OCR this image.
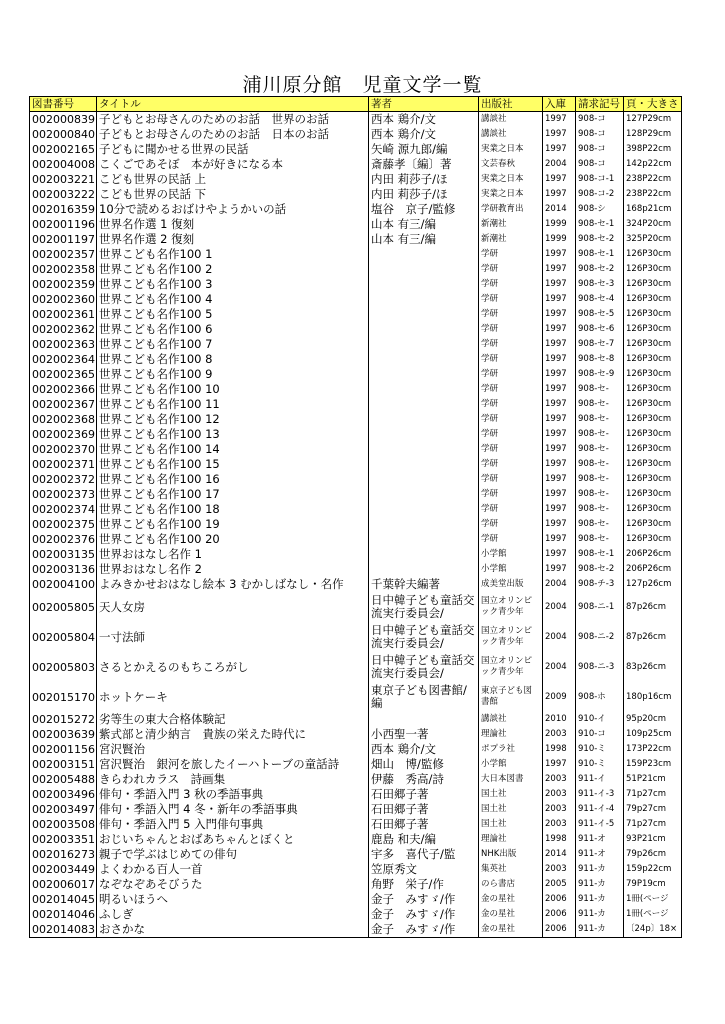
浦川原分館　児童文学一覧
図書番号	タイトル	著者	出版社	入庫	請求記号	頁・大きさ
002000839	子どもとお母さんのためのお話　世界のお話	西本 鶏介/文	講談社	1997	908-コ	127P29cm
002000840	子どもとお母さんのためのお話　日本のお話	西本 鶏介/文	講談社	1997	908-コ	128P29cm
002002165	子どもに聞かせる世界の民話	矢崎 源九郎/編	実業之日本	1997	908-コ	398P22cm
002004008	こくごであそぼ　本が好きになる本	斎藤孝〔編〕著	文芸春秋	2004	908-コ	142p22cm
002003221	こども世界の民話 上	内田 莉莎子/ほ	実業之日本	1997	908-コ-1	238P22cm
002003222	こども世界の民話 下	内田 莉莎子/ほ	実業之日本	1997	908-コ-2	238P22cm
002016359	10分で読めるおばけやようかいの話	塩谷　京子/監修	学研教育出	2014	908-シ	168p21cm
002001196	世界名作選 1 復刻	山本 有三/編	新潮社	1999	908-セ-1	324P20cm
002001197	世界名作選 2 復刻	山本 有三/編	新潮社	1999	908-セ-2	325P20cm
002002357	世界こども名作100 1		学研	1997	908-セ-1	126P30cm
002002358	世界こども名作100 2		学研	1997	908-セ-2	126P30cm
002002359	世界こども名作100 3		学研	1997	908-セ-3	126P30cm
002002360	世界こども名作100 4		学研	1997	908-セ-4	126P30cm
002002361	世界こども名作100 5		学研	1997	908-セ-5	126P30cm
002002362	世界こども名作100 6		学研	1997	908-セ-6	126P30cm
002002363	世界こども名作100 7		学研	1997	908-セ-7	126P30cm
002002364	世界こども名作100 8		学研	1997	908-セ-8	126P30cm
002002365	世界こども名作100 9		学研	1997	908-セ-9	126P30cm
002002366	世界こども名作100 10		学研	1997	908-セ-	126P30cm
002002367	世界こども名作100 11		学研	1997	908-セ-	126P30cm
002002368	世界こども名作100 12		学研	1997	908-セ-	126P30cm
002002369	世界こども名作100 13		学研	1997	908-セ-	126P30cm
002002370	世界こども名作100 14		学研	1997	908-セ-	126P30cm
002002371	世界こども名作100 15		学研	1997	908-セ-	126P30cm
002002372	世界こども名作100 16		学研	1997	908-セ-	126P30cm
002002373	世界こども名作100 17		学研	1997	908-セ-	126P30cm
002002374	世界こども名作100 18		学研	1997	908-セ-	126P30cm
002002375	世界こども名作100 19		学研	1997	908-セ-	126P30cm
002002376	世界こども名作100 20		学研	1997	908-セ-	126P30cm
002003135	世界おはなし名作 1		小学館	1997	908-セ-1	206P26cm
002003136	世界おはなし名作 2		小学館	1997	908-セ-2	206P26cm
002004100	よみきかせおはなし絵本 3 むかしばなし・名作	千葉幹夫編著	成美堂出版	2004	908-チ-3	127p26cm
002005805	天人女房	日中韓子ども童話交流実行委員会/	国立オリンピック青少年	2004	908-ニ-1	87p26cm
002005804	一寸法師	日中韓子ども童話交流実行委員会/	国立オリンピック青少年	2004	908-ニ-2	87p26cm
002005803	さるとかえるのもちころがし	日中韓子ども童話交流実行委員会/	国立オリンピック青少年	2004	908-ニ-3	83p26cm
002015170	ホットケーキ	東京子ども図書館/編	東京子ども図書館	2009	908-ホ	180p16cm
002015272	劣等生の東大合格体験記		講談社	2010	910-イ	95p20cm
002003639	紫式部と清少納言　貴族の栄えた時代に	小西聖一著	理論社	2003	910-コ	109p25cm
002001156	宮沢賢治	西本 鶏介/文	ポプラ社	1998	910-ミ	173P22cm
002003151	宮沢賢治　銀河を旅したイーハトーブの童話詩	畑山　博/監修	小学館	1997	910-ミ	159P23cm
002005488	きらわれカラス　詩画集	伊藤　秀高/詩	大日本図書	2003	911-イ	51P21cm
002003496	俳句・季語入門 3 秋の季語事典	石田郷子著	国土社	2003	911-イ-3	71p27cm
002003497	俳句・季語入門 4 冬・新年の季語事典	石田郷子著	国土社	2003	911-イ-4	79p27cm
002003508	俳句・季語入門 5 入門俳句事典	石田郷子著	国土社	2003	911-イ-5	71p27cm
002003351	おじいちゃんとおばあちゃんとぼくと	鹿島 和夫/編	理論社	1998	911-オ	93P21cm
002016273	親子で学ぶはじめての俳句	宇多　喜代子/監	NHK出版	2014	911-オ	79p26cm
002003449	よくわかる百人一首	笠原秀文	集英社	2003	911-カ	159p22cm
002006017	なぞなぞあそびうた	角野　栄子/作	のら書店	2005	911-カ	79P19cm
002014045	明るいほうへ	金子　みすゞ/作	金の星社	2006	911-カ	1冊(ページ
002014046	ふしぎ	金子　みすゞ/作	金の星社	2006	911-カ	1冊(ページ
002014083	おさかな	金子　みすゞ/作	金の星社	2006	911-カ	〔24p〕18×
